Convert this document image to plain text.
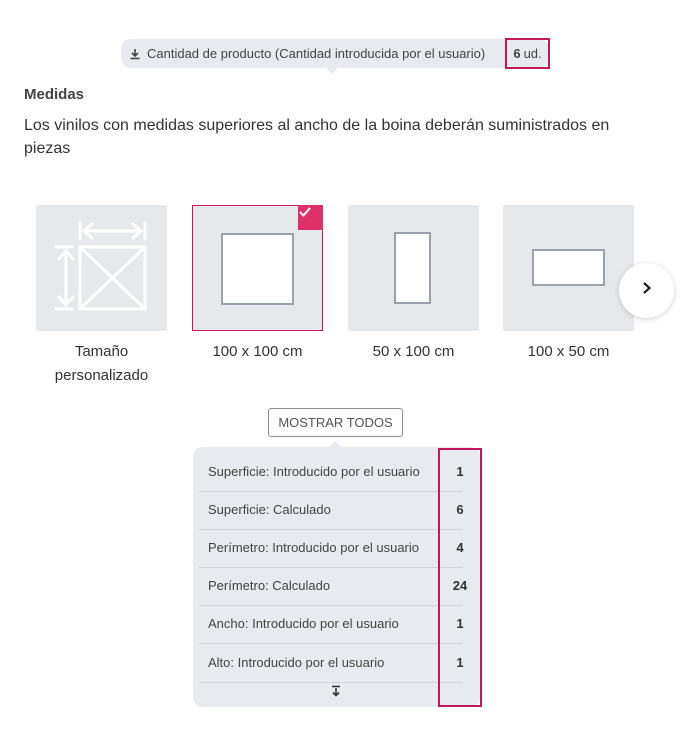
Cantidad de producto (Cantidad introducida por el usuario) 6 ud.
Medidas
Los vinilos con medidas superiores al ancho de la boina deberán suministrados en piezas
Tamaño personalizado
100 x 100 cm	50 x 100 cm	100 x 50 cm
MOSTRAR TODOS
Superficie: Introducido por el usuario	1
Superficie: Calculado	6
Perímetro: Introducido por el usuario	4
Perímetro: Calculado	24
Ancho: Introducido por el usuario	1
Alto: Introducido por el usuario	1
